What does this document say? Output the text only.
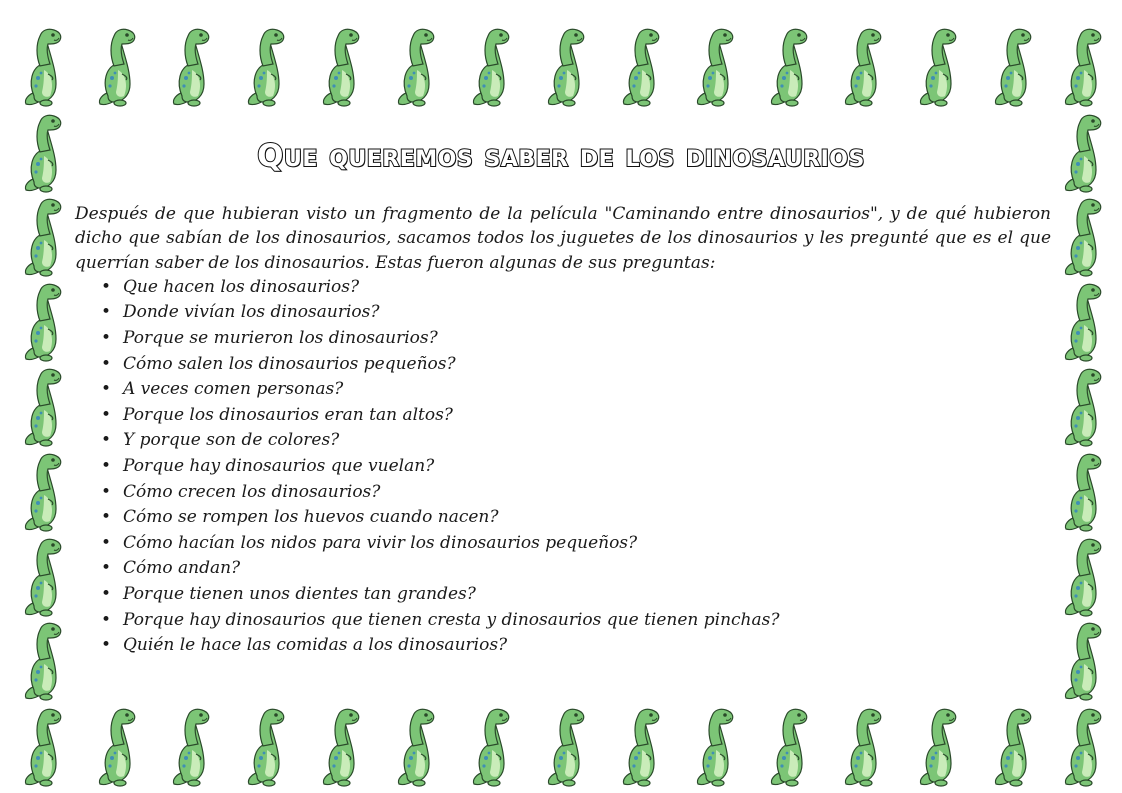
Que queremos saber de los dinosaurios

Después de que hubieran visto un fragmento de la película "Caminando entre dinosaurios", y de qué hubieron dicho que sabían de los dinosaurios, sacamos todos los juguetes de los dinosaurios y les pregunté que es el que querrían saber de los dinosaurios. Estas fueron algunas de sus preguntas:

• Que hacen los dinosaurios?
• Donde vivían los dinosaurios?
• Porque se murieron los dinosaurios?
• Cómo salen los dinosaurios pequeños?
• A veces comen personas?
• Porque los dinosaurios eran tan altos?
• Y porque son de colores?
• Porque hay dinosaurios que vuelan?
• Cómo crecen los dinosaurios?
• Cómo se rompen los huevos cuando nacen?
• Cómo hacían los nidos para vivir los dinosaurios pequeños?
• Cómo andan?
• Porque tienen unos dientes tan grandes?
• Porque hay dinosaurios que tienen cresta y dinosaurios que tienen pinchas?
• Quién le hace las comidas a los dinosaurios?
